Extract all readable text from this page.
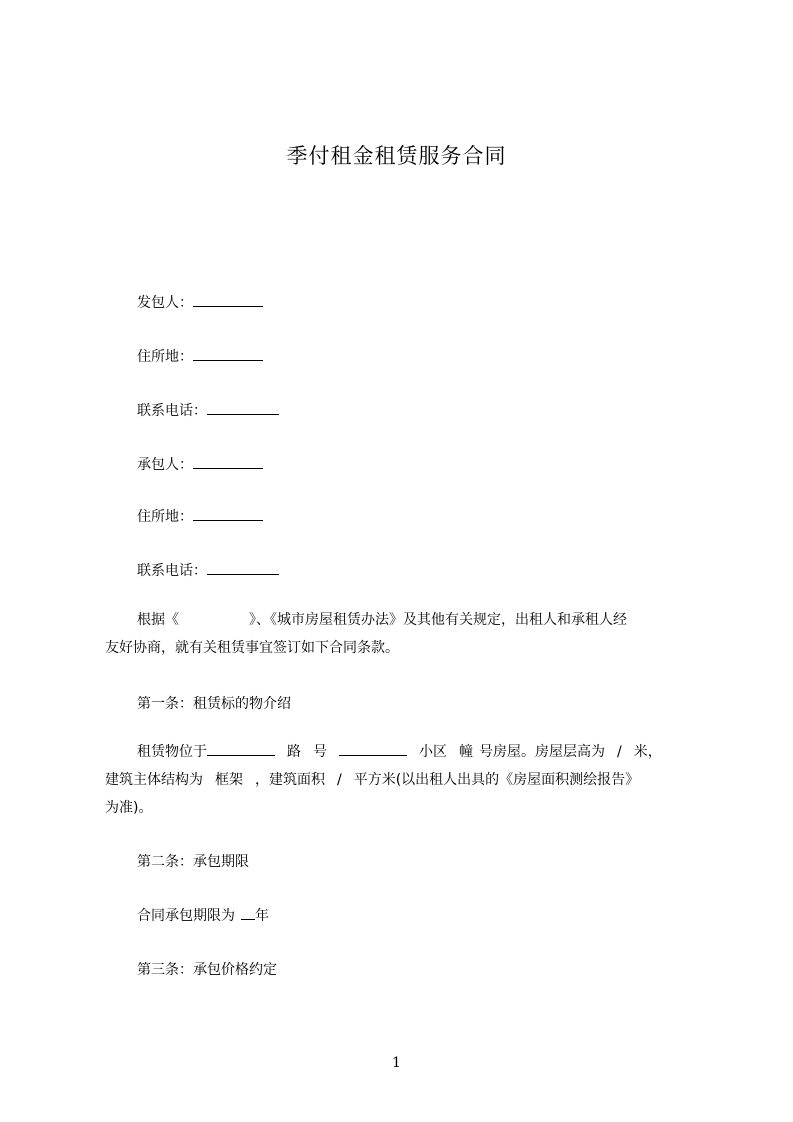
季付租金租赁服务合同
发包人：
住所地：
联系电话：
承包人：
住所地：
联系电话：
根据《	》、《城市房屋租赁办法》及其他有关规定，出租人和承租人经
友好协商，就有关租赁事宜签订如下合同条款。
第一条：租赁标的物介绍
租赁物位于	路 号	小区 幢 号房屋。房屋层高为 / 米，
建筑主体结构为 框架 ，建筑面积 / 平方米(以出租人出具的《房屋面积测绘报告》
为准)。
第二条：承包期限
合同承包期限为 年
第三条：承包价格约定
1
